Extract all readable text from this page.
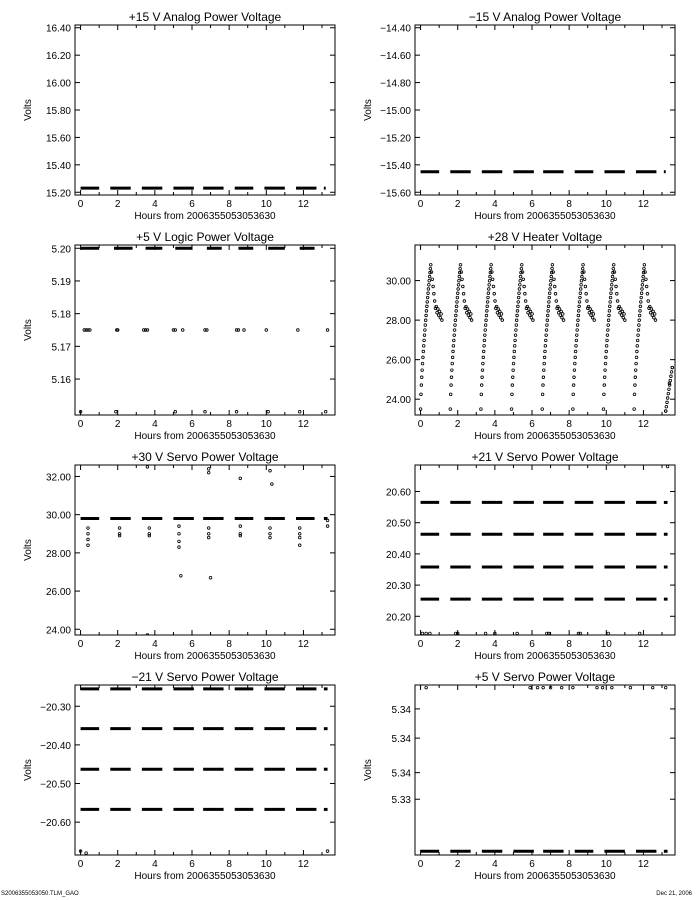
+15 V Analog Power Voltage
0	2	4	6	8	10	12
15.20
15.40
15.60
15.80
16.00
16.20
16.40
Hours from 2006355053053630
Volts
−15 V Analog Power Voltage
0	2	4	6	8	10	12
−14.40
−14.60
−14.80
−15.00
−15.20
−15.40
−15.60
Hours from 2006355053053630
Volts
+5 V Logic Power Voltage
0	2	4	6	8	10	12
5.16
5.17
5.18
5.19
5.20
Hours from 2006355053053630
Volts
+28 V Heater Voltage
0	2	4	6	8	10	12
24.00
26.00
28.00
30.00
Hours from 2006355053053630
+30 V Servo Power Voltage
0	2	4	6	8	10	12
24.00
26.00
28.00
30.00
32.00
Hours from 2006355053053630
Volts
+21 V Servo Power Voltage
0	2	4	6	8	10	12
20.20
20.30
20.40
20.50
20.60
Hours from 2006355053053630
−21 V Servo Power Voltage
0	2	4	6	8	10	12
−20.30
−20.40
−20.50
−20.60
Hours from 2006355053053630
Volts
+5 V Servo Power Voltage
0	2	4	6	8	10	12
5.33
5.34
5.34
5.34
Hours from 2006355053053630
Volts
S2006355053050.TLM_GAO	Dec 21, 2006
